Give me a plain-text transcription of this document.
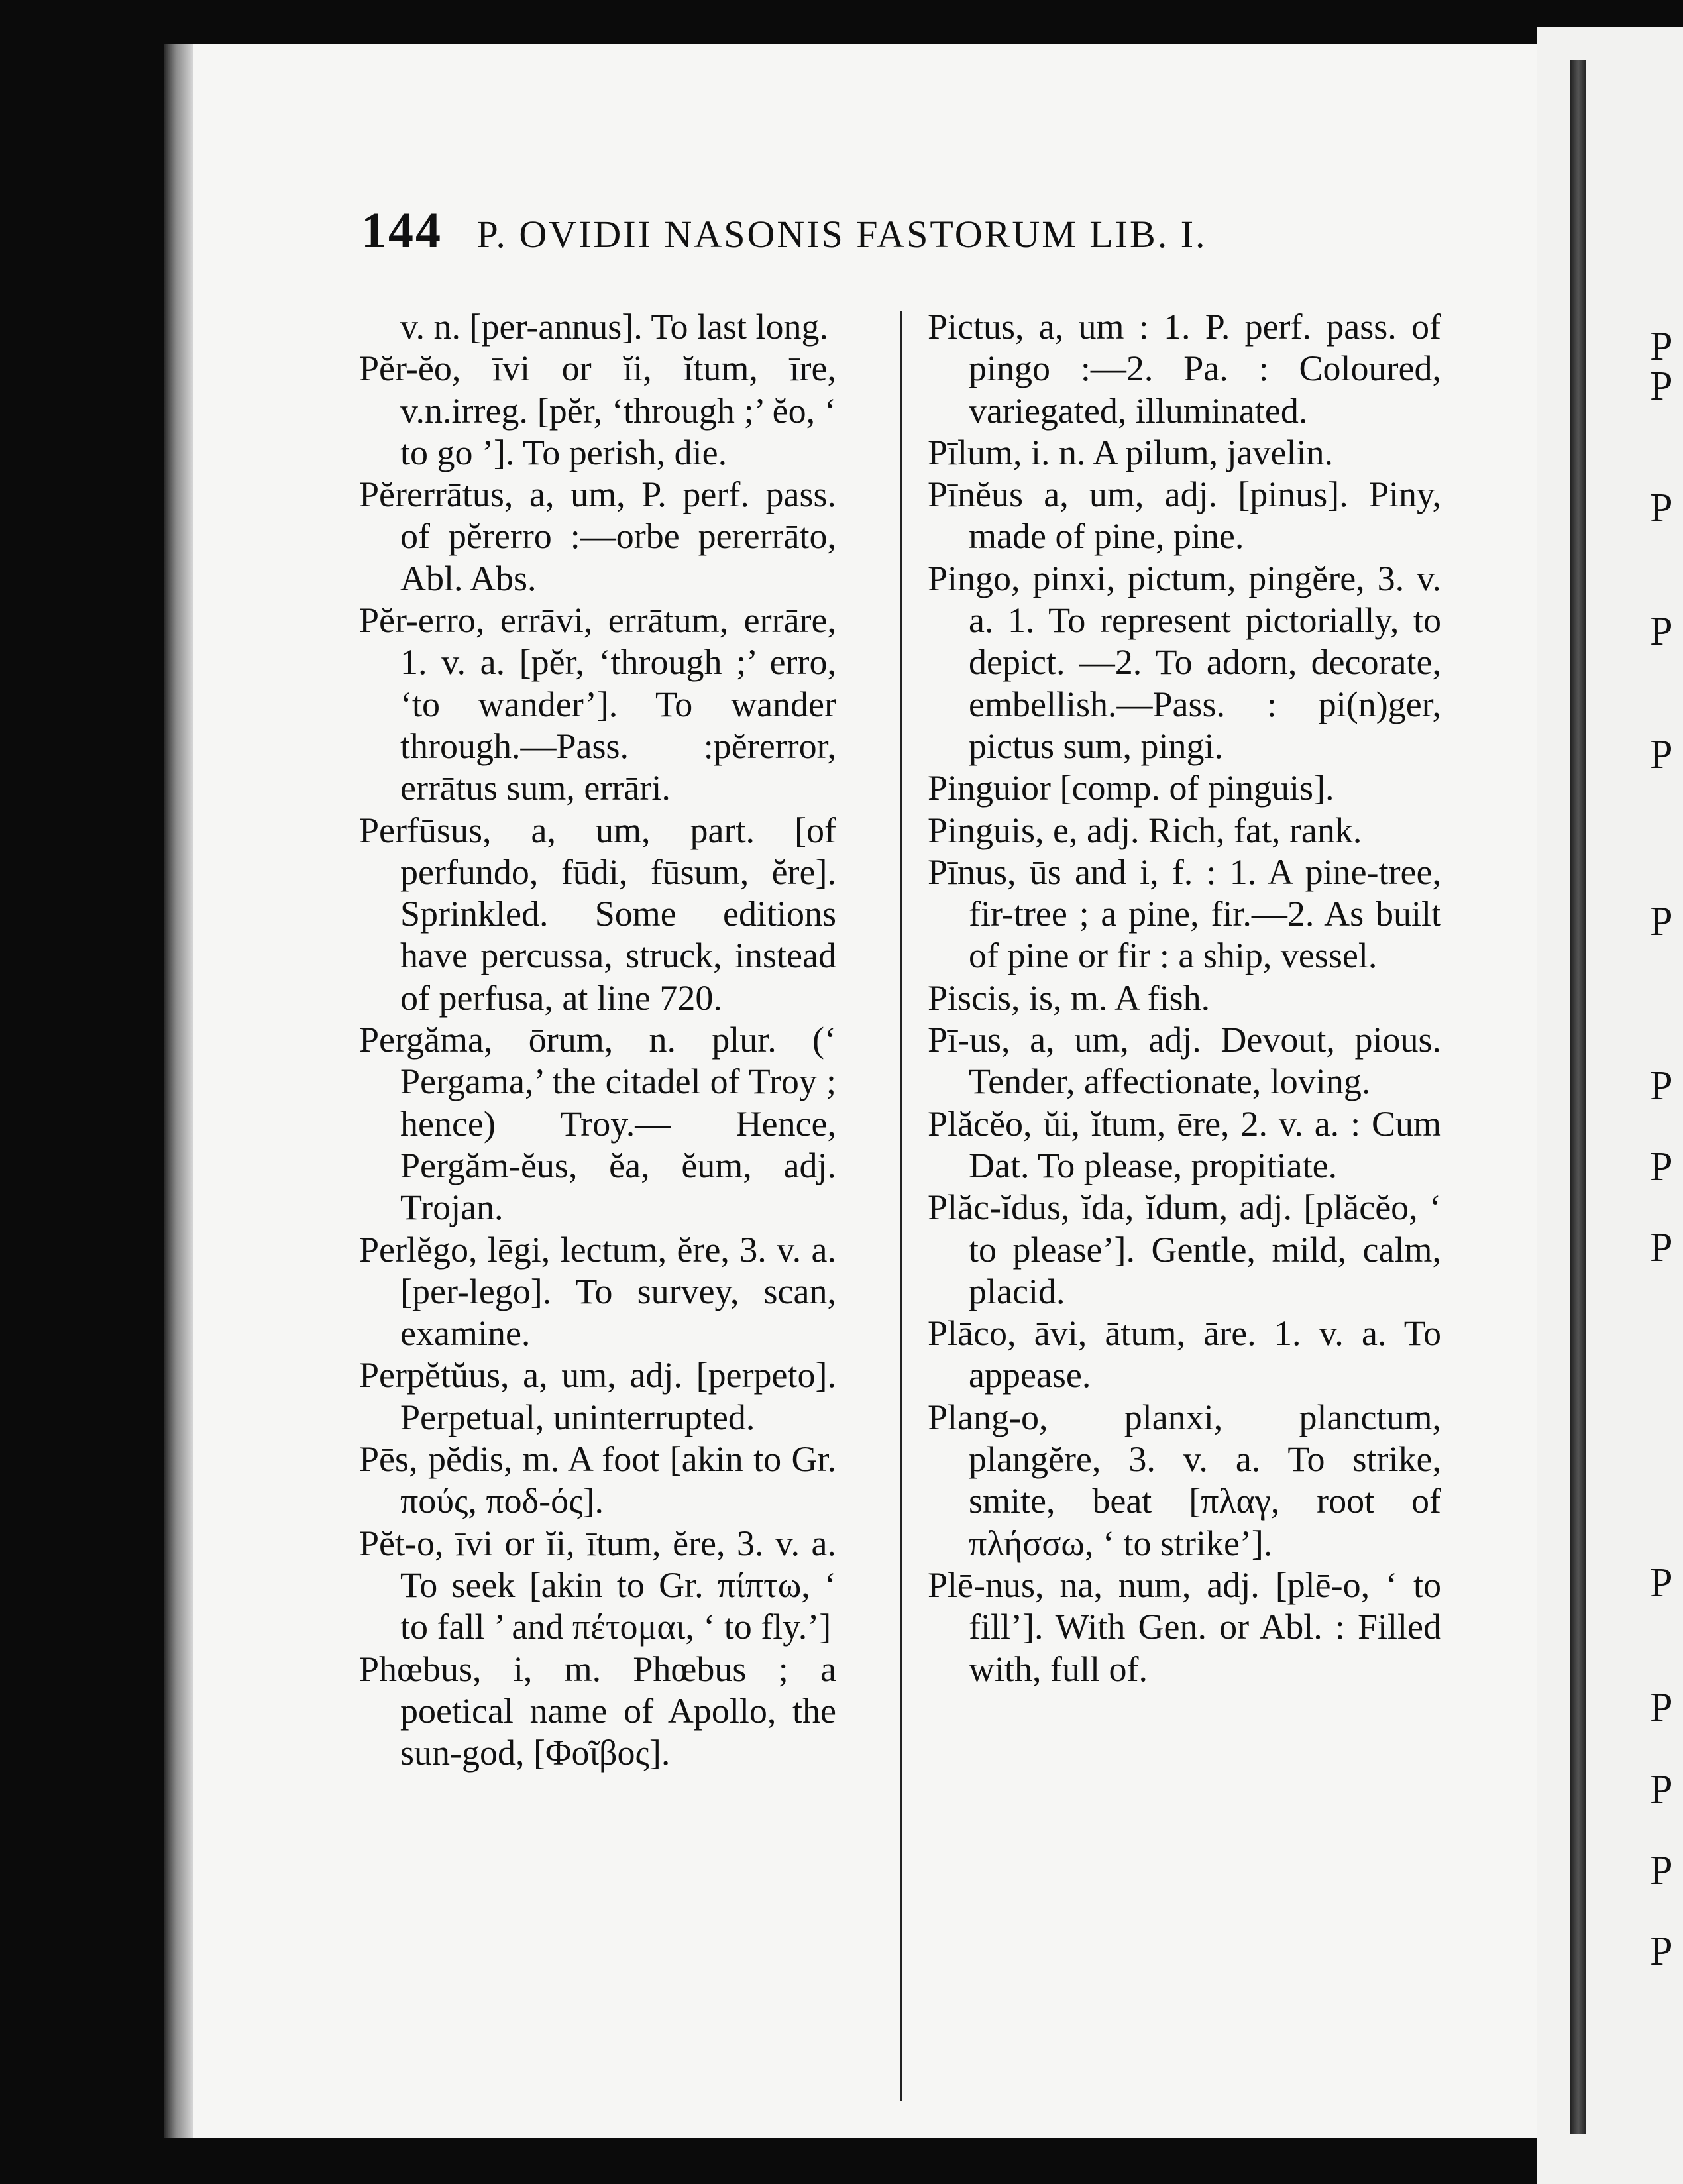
P
P
P
P
P
P
P
P
P
P
P
P
P
P
144 P. OVIDII NASONIS FASTORUM LIB. I.

v. n. [per-annus]. To last long.

Pĕr-ĕo, īvi or ĭi, ĭtum, īre, v.n.irreg. [pĕr, ‘through ;’ ĕo, ‘ to go ’]. To perish, die.

Pĕrerrātus, a, um, P. perf. pass. of pĕrerro :—orbe pererrāto, Abl. Abs.

Pĕr-erro, errāvi, errātum, errāre, 1. v. a. [pĕr, ‘through ;’ erro, ‘to wander’]. To wander through.—Pass. :pĕrerror, errātus sum, errāri.

Perfūsus, a, um, part. [of perfundo, fūdi, fūsum, ĕre]. Sprinkled. Some editions have percussa, struck, instead of perfusa, at line 720.

Pergăma, ōrum, n. plur. (‘ Pergama,’ the citadel of Troy ; hence) Troy.— Hence, Pergăm-ĕus, ĕa, ĕum, adj. Trojan.

Perlĕgo, lēgi, lectum, ĕre, 3. v. a. [per-lego]. To survey, scan, examine.

Perpĕtŭus, a, um, adj. [perpeto]. Perpetual, uninterrupted.

Pēs, pĕdis, m. A foot [akin to Gr. πούς, ποδ-ός].

Pĕt-o, īvi or ĭi, ītum, ĕre, 3. v. a. To seek [akin to Gr. πίπτω, ‘ to fall ’ and πέτομαι, ‘ to fly.’]

Phœbus, i, m. Phœbus ; a poetical name of Apollo, the sun-god, [Φοῖβος].

Pictus, a, um : 1. P. perf. pass. of pingo :—2. Pa. : Coloured, variegated, illuminated.

Pīlum, i. n. A pilum, javelin.

Pīnĕus a, um, adj. [pinus]. Piny, made of pine, pine.

Pingo, pinxi, pictum, pingĕre, 3. v. a. 1. To represent pictorially, to depict. —2. To adorn, decorate, embellish.—Pass. : pi(n)ger, pictus sum, pingi.

Pinguior [comp. of pinguis].

Pinguis, e, adj. Rich, fat, rank.

Pīnus, ūs and i, f. : 1. A pine-tree, fir-tree ; a pine, fir.—2. As built of pine or fir : a ship, vessel.

Piscis, is, m. A fish.

Pī-us, a, um, adj. Devout, pious. Tender, affectionate, loving.

Plăcĕo, ŭi, ĭtum, ēre, 2. v. a. : Cum Dat. To please, propitiate.

Plăc-ĭdus, ĭda, ĭdum, adj. [plăcĕo, ‘ to please’]. Gentle, mild, calm, placid.

Plāco, āvi, ātum, āre. 1. v. a. To appease.

Plang-o, planxi, planctum, plangĕre, 3. v. a. To strike, smite, beat [πλαγ, root of πλήσσω, ‘ to strike’].

Plē-nus, na, num, adj. [plē-o, ‘ to fill’]. With Gen. or Abl. : Filled with, full of.
